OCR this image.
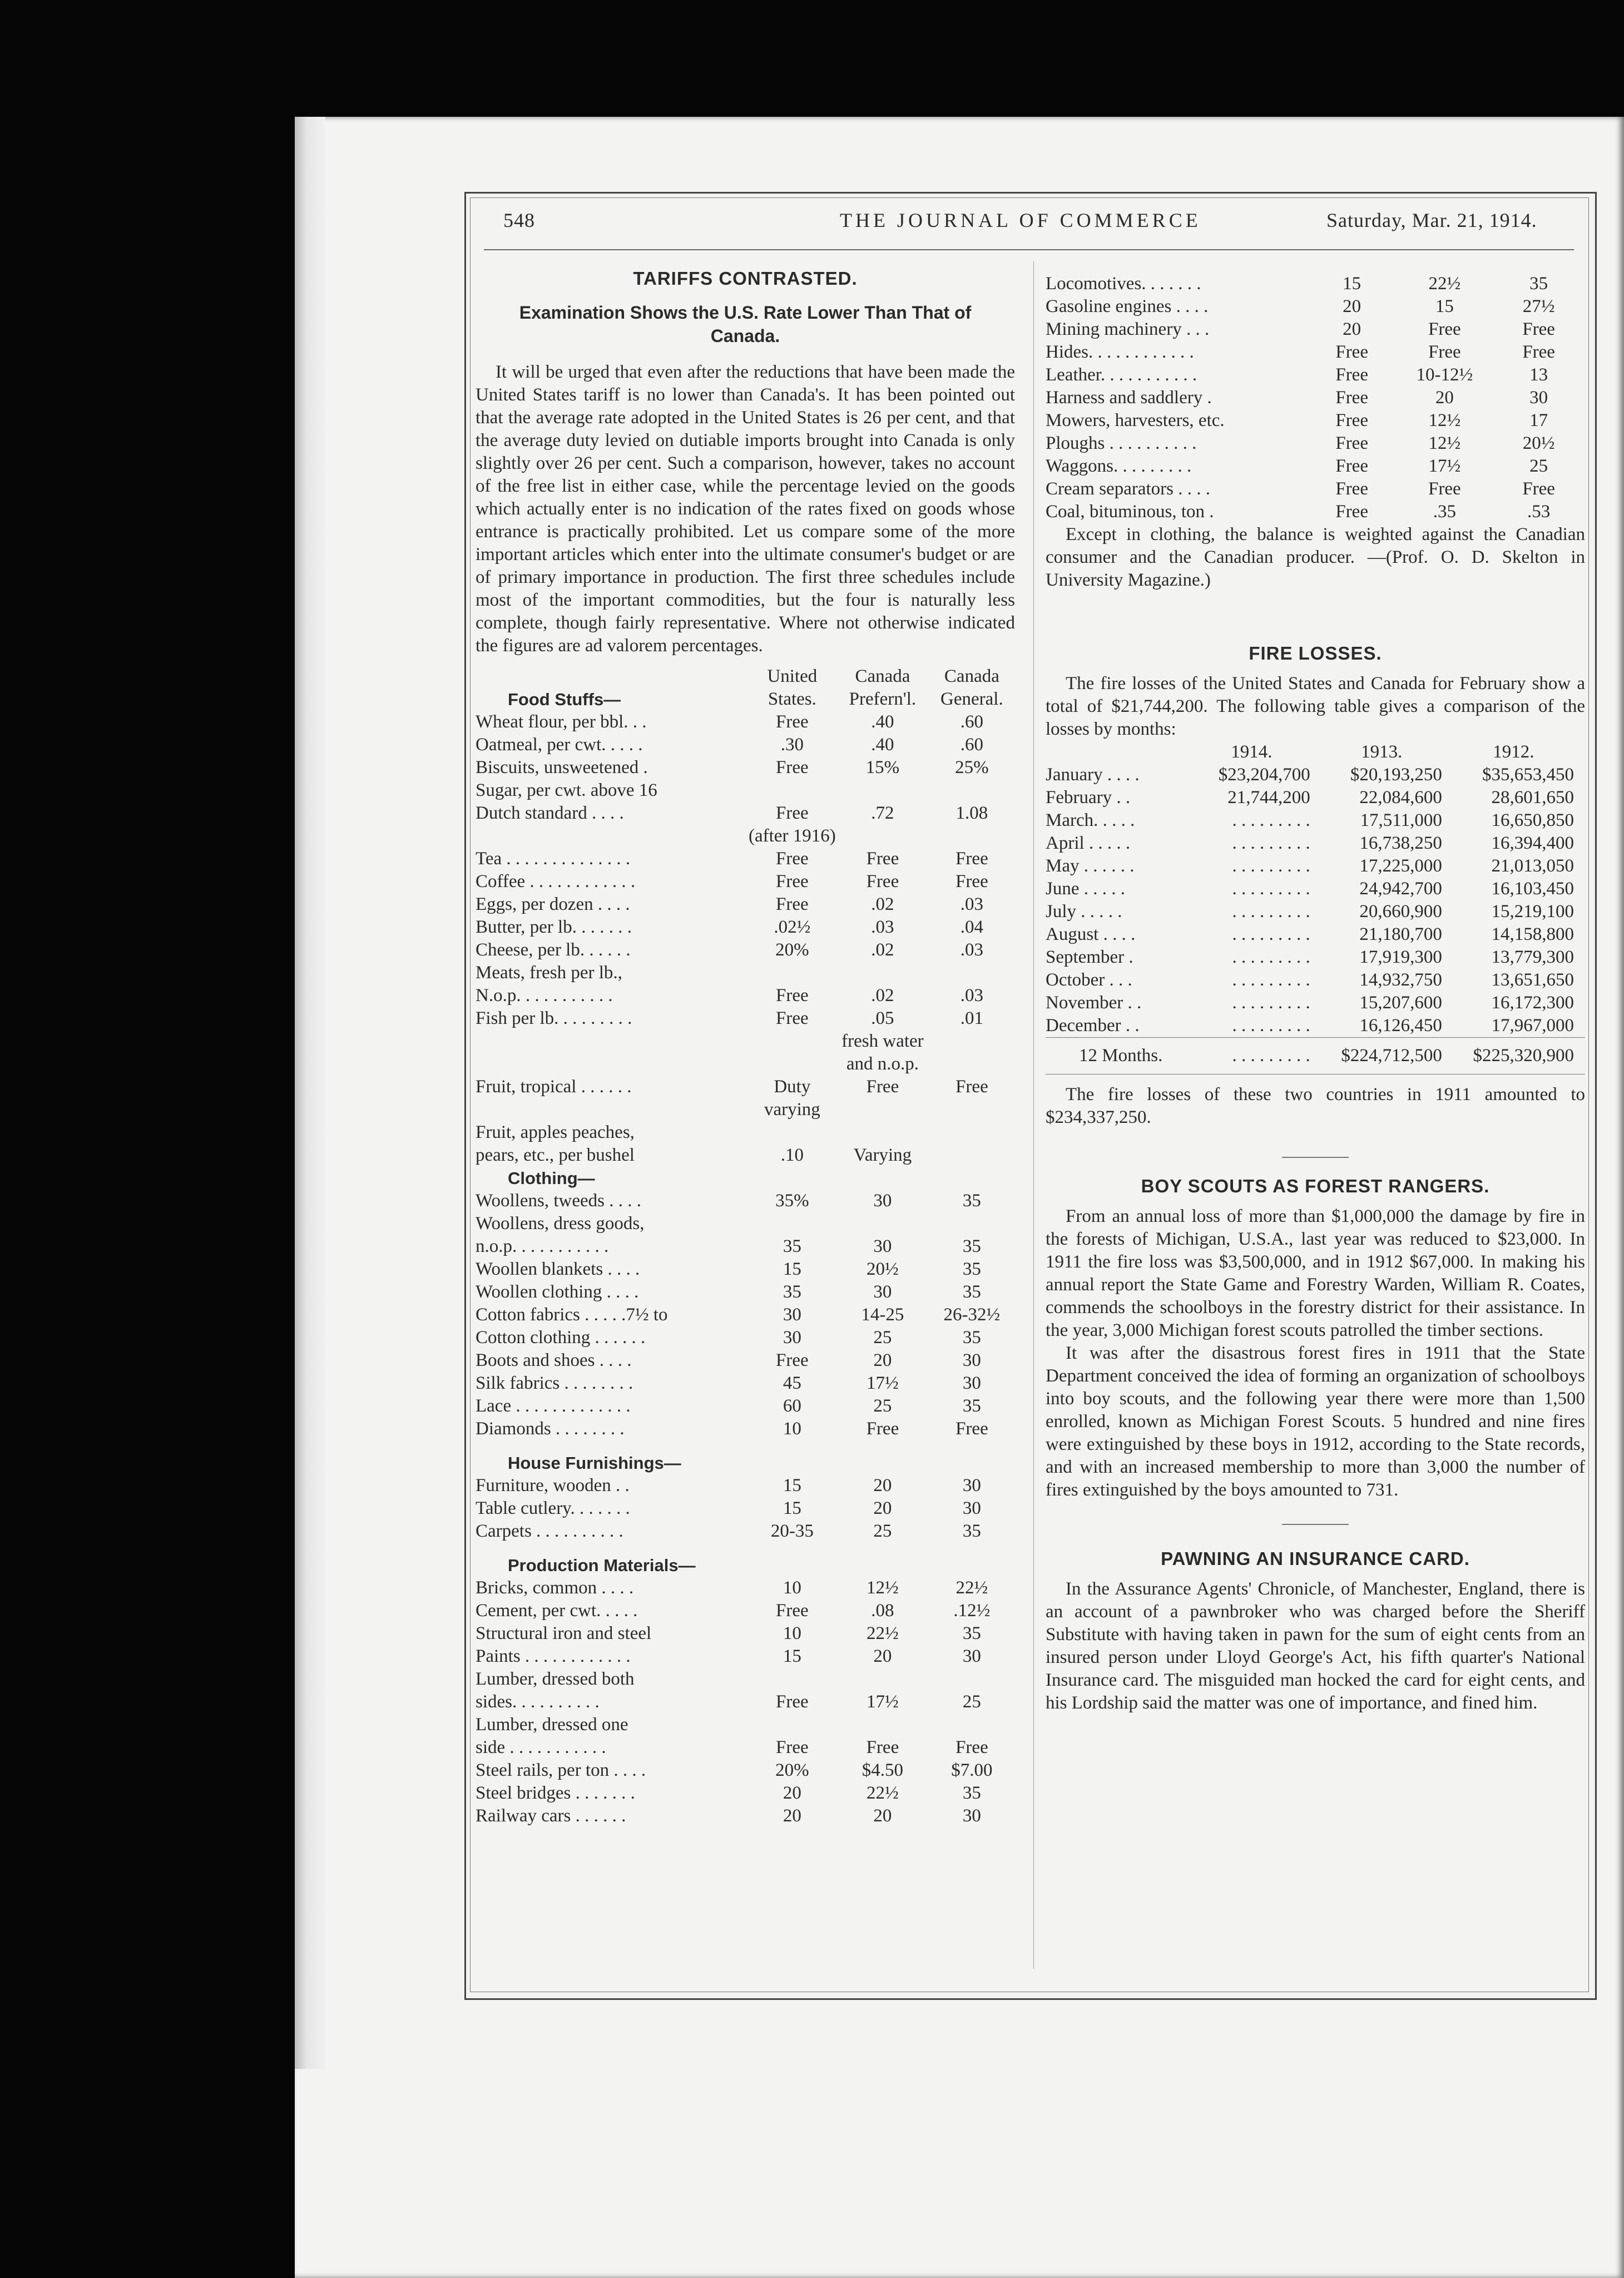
548	THE JOURNAL OF COMMERCE	Saturday, Mar. 21, 1914.
TARIFFS CONTRASTED.
Examination Shows the U.S. Rate Lower Than That of Canada.

It will be urged that even after the reductions that have been made the United States tariff is no lower than Canada's. It has been pointed out that the average rate adopted in the United States is 26 per cent, and that the average duty levied on dutiable imports brought into Canada is only slightly over 26 per cent. Such a comparison, however, takes no account of the free list in either case, while the percentage levied on the goods which actually enter is no indication of the rates fixed on goods whose entrance is practically prohibited. Let us compare some of the more important articles which enter into the ultimate consumer's budget or are of primary importance in production. The first three schedules include most of the important commodities, but the four is naturally less complete, though fairly representative. Where not otherwise indicated the figures are ad valorem percentages.

	United	Canada	Canada
Food Stuffs—	States.	Prefern'l.	General.
Wheat flour, per bbl. . .	Free	.40	.60
Oatmeal, per cwt. . . . .	.30	.40	.60
Biscuits, unsweetened .	Free	15%	25%
Sugar, per cwt. above 16			
Dutch standard . . . .	Free	.72	1.08
	(after 1916)		
Tea . . . . . . . . . . . . . .	Free	Free	Free
Coffee . . . . . . . . . . . .	Free	Free	Free
Eggs, per dozen . . . .	Free	.02	.03
Butter, per lb. . . . . . .	.02½	.03	.04
Cheese, per lb. . . . . .	20%	.02	.03
Meats, fresh per lb.,			
N.o.p. . . . . . . . . . .	Free	.02	.03
Fish per lb. . . . . . . . .	Free	.05	.01
		fresh water	
		and n.o.p.	
Fruit, tropical . . . . . .	Duty	Free	Free
	varying		
Fruit, apples peaches,			
pears, etc., per bushel	.10	Varying	
Clothing—			
Woollens, tweeds . . . .	35%	30	35
Woollens, dress goods,			
n.o.p. . . . . . . . . . .	35	30	35
Woollen blankets . . . .	15	20½	35
Woollen clothing . . . .	35	30	35
Cotton fabrics . . . . .7½ to	30	14-25	26-32½
Cotton clothing . . . . . .	30	25	35
Boots and shoes . . . .	Free	20	30
Silk fabrics . . . . . . . .	45	17½	30
Lace . . . . . . . . . . . . .	60	25	35
Diamonds . . . . . . . .	10	Free	Free

House Furnishings—			
Furniture, wooden . .	15	20	30
Table cutlery. . . . . . .	15	20	30
Carpets . . . . . . . . . .	20-35	25	35

Production Materials—			
Bricks, common . . . .	10	12½	22½
Cement, per cwt. . . . .	Free	.08	.12½
Structural iron and steel	10	22½	35
Paints . . . . . . . . . . . .	15	20	30
Lumber, dressed both			
sides. . . . . . . . . .	Free	17½	25
Lumber, dressed one			
side . . . . . . . . . . .	Free	Free	Free
Steel rails, per ton . . . .	20%	$4.50	$7.00
Steel bridges . . . . . . .	20	22½	35
Railway cars . . . . . .	20	20	30
Locomotives. . . . . . .	15	22½	35
Gasoline engines . . . .	20	15	27½
Mining machinery . . .	20	Free	Free
Hides. . . . . . . . . . . .	Free	Free	Free
Leather. . . . . . . . . . .	Free	10-12½	13
Harness and saddlery .	Free	20	30
Mowers, harvesters, etc.	Free	12½	17
Ploughs . . . . . . . . . .	Free	12½	20½
Waggons. . . . . . . . .	Free	17½	25
Cream separators . . . .	Free	Free	Free
Coal, bituminous, ton .	Free	.35	.53

Except in clothing, the balance is weighted against the Canadian consumer and the Canadian producer. —(Prof. O. D. Skelton in University Magazine.)

FIRE LOSSES.

The fire losses of the United States and Canada for February show a total of $21,744,200. The following table gives a comparison of the losses by months:

	1914.	1913.	1912.
January . . . .	$23,204,700	$20,193,250	$35,653,450
February . .	21,744,200	22,084,600	28,601,650
March. . . . .	. . . . . . . . .	17,511,000	16,650,850
April . . . . .	. . . . . . . . .	16,738,250	16,394,400
May . . . . . .	. . . . . . . . .	17,225,000	21,013,050
June . . . . .	. . . . . . . . .	24,942,700	16,103,450
July . . . . .	. . . . . . . . .	20,660,900	15,219,100
August . . . .	. . . . . . . . .	21,180,700	14,158,800
September .	. . . . . . . . .	17,919,300	13,779,300
October . . .	. . . . . . . . .	14,932,750	13,651,650
November . .	. . . . . . . . .	15,207,600	16,172,300
December . .	. . . . . . . . .	16,126,450	17,967,000

12 Months.	. . . . . . . . .	$224,712,500	$225,320,900

The fire losses of these two countries in 1911 amounted to $234,337,250.

BOY SCOUTS AS FOREST RANGERS.

From an annual loss of more than $1,000,000 the damage by fire in the forests of Michigan, U.S.A., last year was reduced to $23,000. In 1911 the fire loss was $3,500,000, and in 1912 $67,000. In making his annual report the State Game and Forestry Warden, William R. Coates, commends the schoolboys in the forestry district for their assistance. In the year, 3,000 Michigan forest scouts patrolled the timber sections.

It was after the disastrous forest fires in 1911 that the State Department conceived the idea of forming an organization of schoolboys into boy scouts, and the following year there were more than 1,500 enrolled, known as Michigan Forest Scouts. 5 hundred and nine fires were extinguished by these boys in 1912, according to the State records, and with an increased membership to more than 3,000 the number of fires extinguished by the boys amounted to 731.

PAWNING AN INSURANCE CARD.

In the Assurance Agents' Chronicle, of Manchester, England, there is an account of a pawnbroker who was charged before the Sheriff Substitute with having taken in pawn for the sum of eight cents from an insured person under Lloyd George's Act, his fifth quarter's National Insurance card. The misguided man hocked the card for eight cents, and his Lordship said the matter was one of importance, and fined him.
